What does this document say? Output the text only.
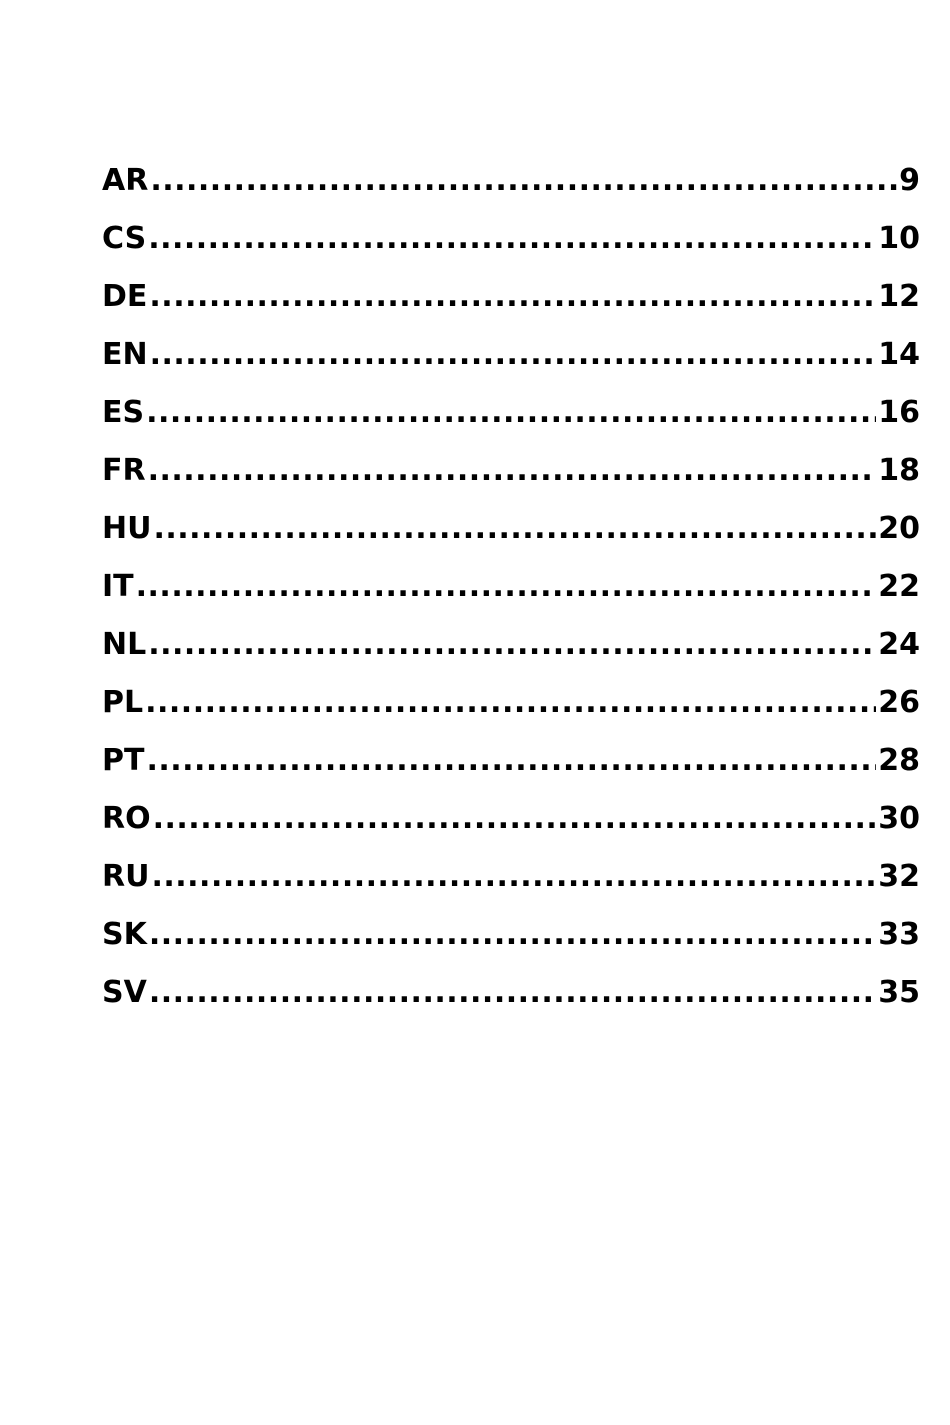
AR .....	9
CS .....	10
DE .....	12
EN .....	14
ES .....	16
FR .....	18
HU .....	20
IT .....	22
NL .....	24
PL .....	26
PT .....	28
RO .....	30
RU .....	32
SK .....	33
SV .....	35
